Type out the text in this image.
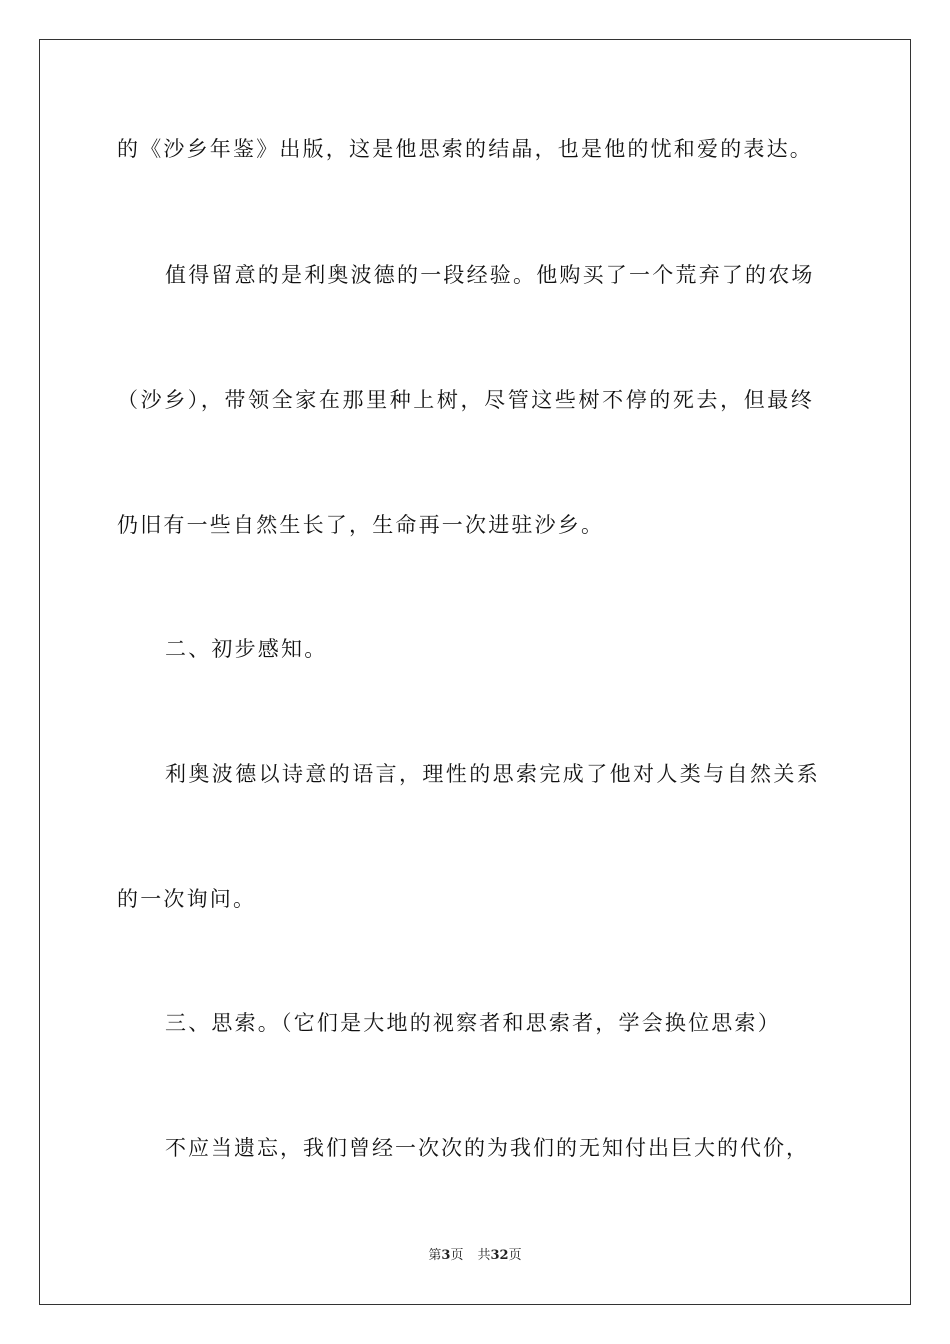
的《沙乡年鉴》出版，这是他思索的结晶，也是他的忧和爱的表达。
值得留意的是利奥波德的一段经验。他购买了一个荒弃了的农场
（沙乡），带领全家在那里种上树，尽管这些树不停的死去，但最终
仍旧有一些自然生长了，生命再一次进驻沙乡。
二、初步感知。
利奥波德以诗意的语言，理性的思索完成了他对人类与自然关系
的一次询问。
三、思索。（它们是大地的视察者和思索者，学会换位思索）
不应当遗忘，我们曾经一次次的为我们的无知付出巨大的代价，
第3页 共32页
